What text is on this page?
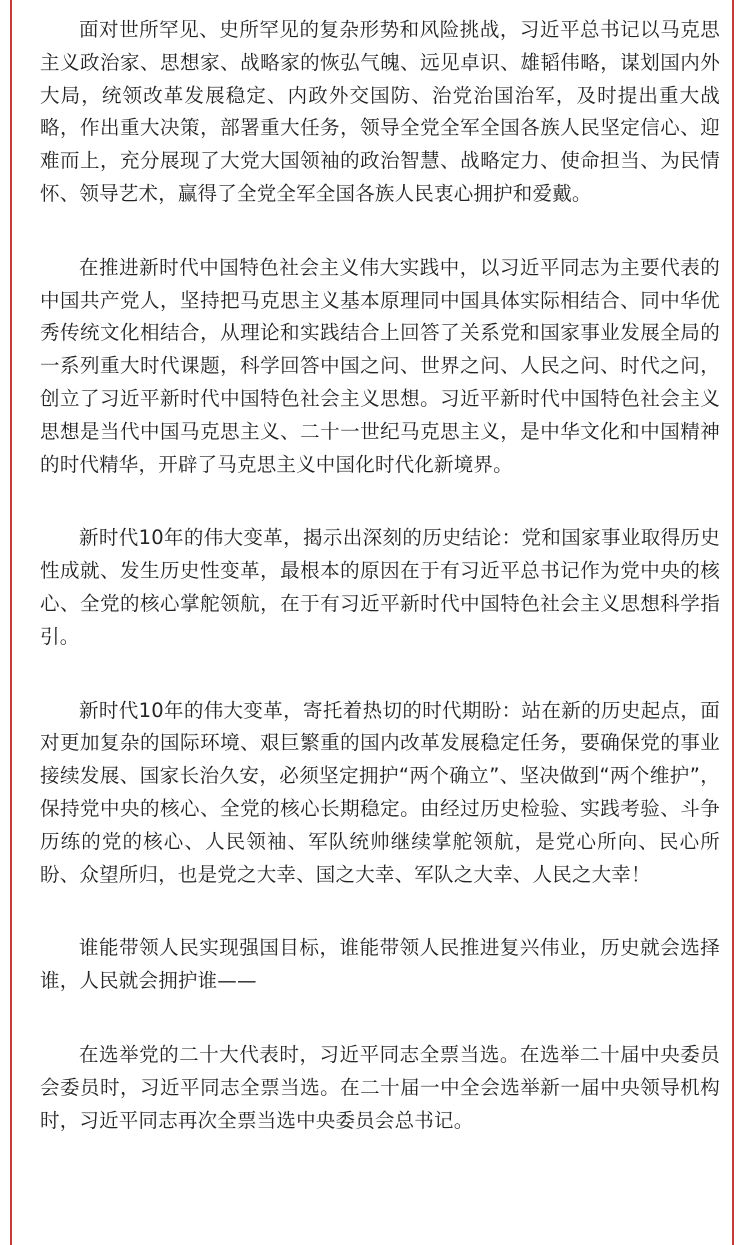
面对世所罕见、史所罕见的复杂形势和风险挑战，习近平总书记以马克思主义政治家、思想家、战略家的恢弘气魄、远见卓识、雄韬伟略，谋划国内外大局，统领改革发展稳定、内政外交国防、治党治国治军，及时提出重大战略，作出重大决策，部署重大任务，领导全党全军全国各族人民坚定信心、迎难而上，充分展现了大党大国领袖的政治智慧、战略定力、使命担当、为民情怀、领导艺术，赢得了全党全军全国各族人民衷心拥护和爱戴。

在推进新时代中国特色社会主义伟大实践中，以习近平同志为主要代表的中国共产党人，坚持把马克思主义基本原理同中国具体实际相结合、同中华优秀传统文化相结合，从理论和实践结合上回答了关系党和国家事业发展全局的一系列重大时代课题，科学回答中国之问、世界之问、人民之问、时代之问，创立了习近平新时代中国特色社会主义思想。习近平新时代中国特色社会主义思想是当代中国马克思主义、二十一世纪马克思主义，是中华文化和中国精神的时代精华，开辟了马克思主义中国化时代化新境界。

新时代10年的伟大变革，揭示出深刻的历史结论：党和国家事业取得历史性成就、发生历史性变革，最根本的原因在于有习近平总书记作为党中央的核心、全党的核心掌舵领航，在于有习近平新时代中国特色社会主义思想科学指引。

新时代10年的伟大变革，寄托着热切的时代期盼：站在新的历史起点，面对更加复杂的国际环境、艰巨繁重的国内改革发展稳定任务，要确保党的事业接续发展、国家长治久安，必须坚定拥护“两个确立”、坚决做到“两个维护”，保持党中央的核心、全党的核心长期稳定。由经过历史检验、实践考验、斗争历练的党的核心、人民领袖、军队统帅继续掌舵领航，是党心所向、民心所盼、众望所归，也是党之大幸、国之大幸、军队之大幸、人民之大幸！

谁能带领人民实现强国目标，谁能带领人民推进复兴伟业，历史就会选择谁，人民就会拥护谁——

在选举党的二十大代表时，习近平同志全票当选。在选举二十届中央委员会委员时，习近平同志全票当选。在二十届一中全会选举新一届中央领导机构时，习近平同志再次全票当选中央委员会总书记。
